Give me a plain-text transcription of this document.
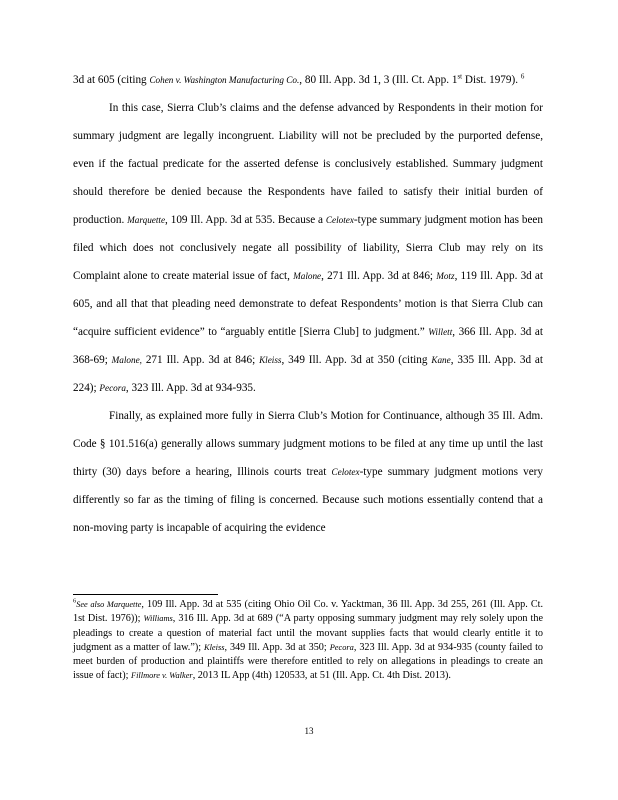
3d at 605 (citing Cohen v. Washington Manufacturing Co., 80 Ill. App. 3d 1, 3 (Ill. Ct. App. 1st Dist. 1979). $^6$

In this case, Sierra Club’s claims and the defense advanced by Respondents in their motion for summary judgment are legally incongruent. Liability will not be precluded by the purported defense, even if the factual predicate for the asserted defense is conclusively established. Summary judgment should therefore be denied because the Respondents have failed to satisfy their initial burden of production. Marquette, 109 Ill. App. 3d at 535. Because a Celotex-type summary judgment motion has been filed which does not conclusively negate all possibility of liability, Sierra Club may rely on its Complaint alone to create material issue of fact, Malone, 271 Ill. App. 3d at 846; Motz, 119 Ill. App. 3d at 605, and all that that pleading need demonstrate to defeat Respondents’ motion is that Sierra Club can “acquire sufficient evidence” to “arguably entitle [Sierra Club] to judgment.” Willett, 366 Ill. App. 3d at 368-69; Malone, 271 Ill. App. 3d at 846; Kleiss, 349 Ill. App. 3d at 350 (citing Kane, 335 Ill. App. 3d at 224); Pecora, 323 Ill. App. 3d at 934-935.

Finally, as explained more fully in Sierra Club’s Motion for Continuance, although 35 Ill. Adm. Code § 101.516(a) generally allows summary judgment motions to be filed at any time up until the last thirty (30) days before a hearing, Illinois courts treat Celotex-type summary judgment motions very differently so far as the timing of filing is concerned. Because such motions essentially contend that a non-moving party is incapable of acquiring the evidence

$^6$See also Marquette, 109 Ill. App. 3d at 535 (citing Ohio Oil Co. v. Yacktman, 36 Ill. App. 3d 255, 261 (Ill. App. Ct. 1st Dist. 1976)); Williams, 316 Ill. App. 3d at 689 (“A party opposing summary judgment may rely solely upon the pleadings to create a question of material fact until the movant supplies facts that would clearly entitle it to judgment as a matter of law.”); Kleiss, 349 Ill. App. 3d at 350; Pecora, 323 Ill. App. 3d at 934-935 (county failed to meet burden of production and plaintiffs were therefore entitled to rely on allegations in pleadings to create an issue of fact); Fillmore v. Walker, 2013 IL App (4th) 120533, at 51 (Ill. App. Ct. 4th Dist. 2013).

13
